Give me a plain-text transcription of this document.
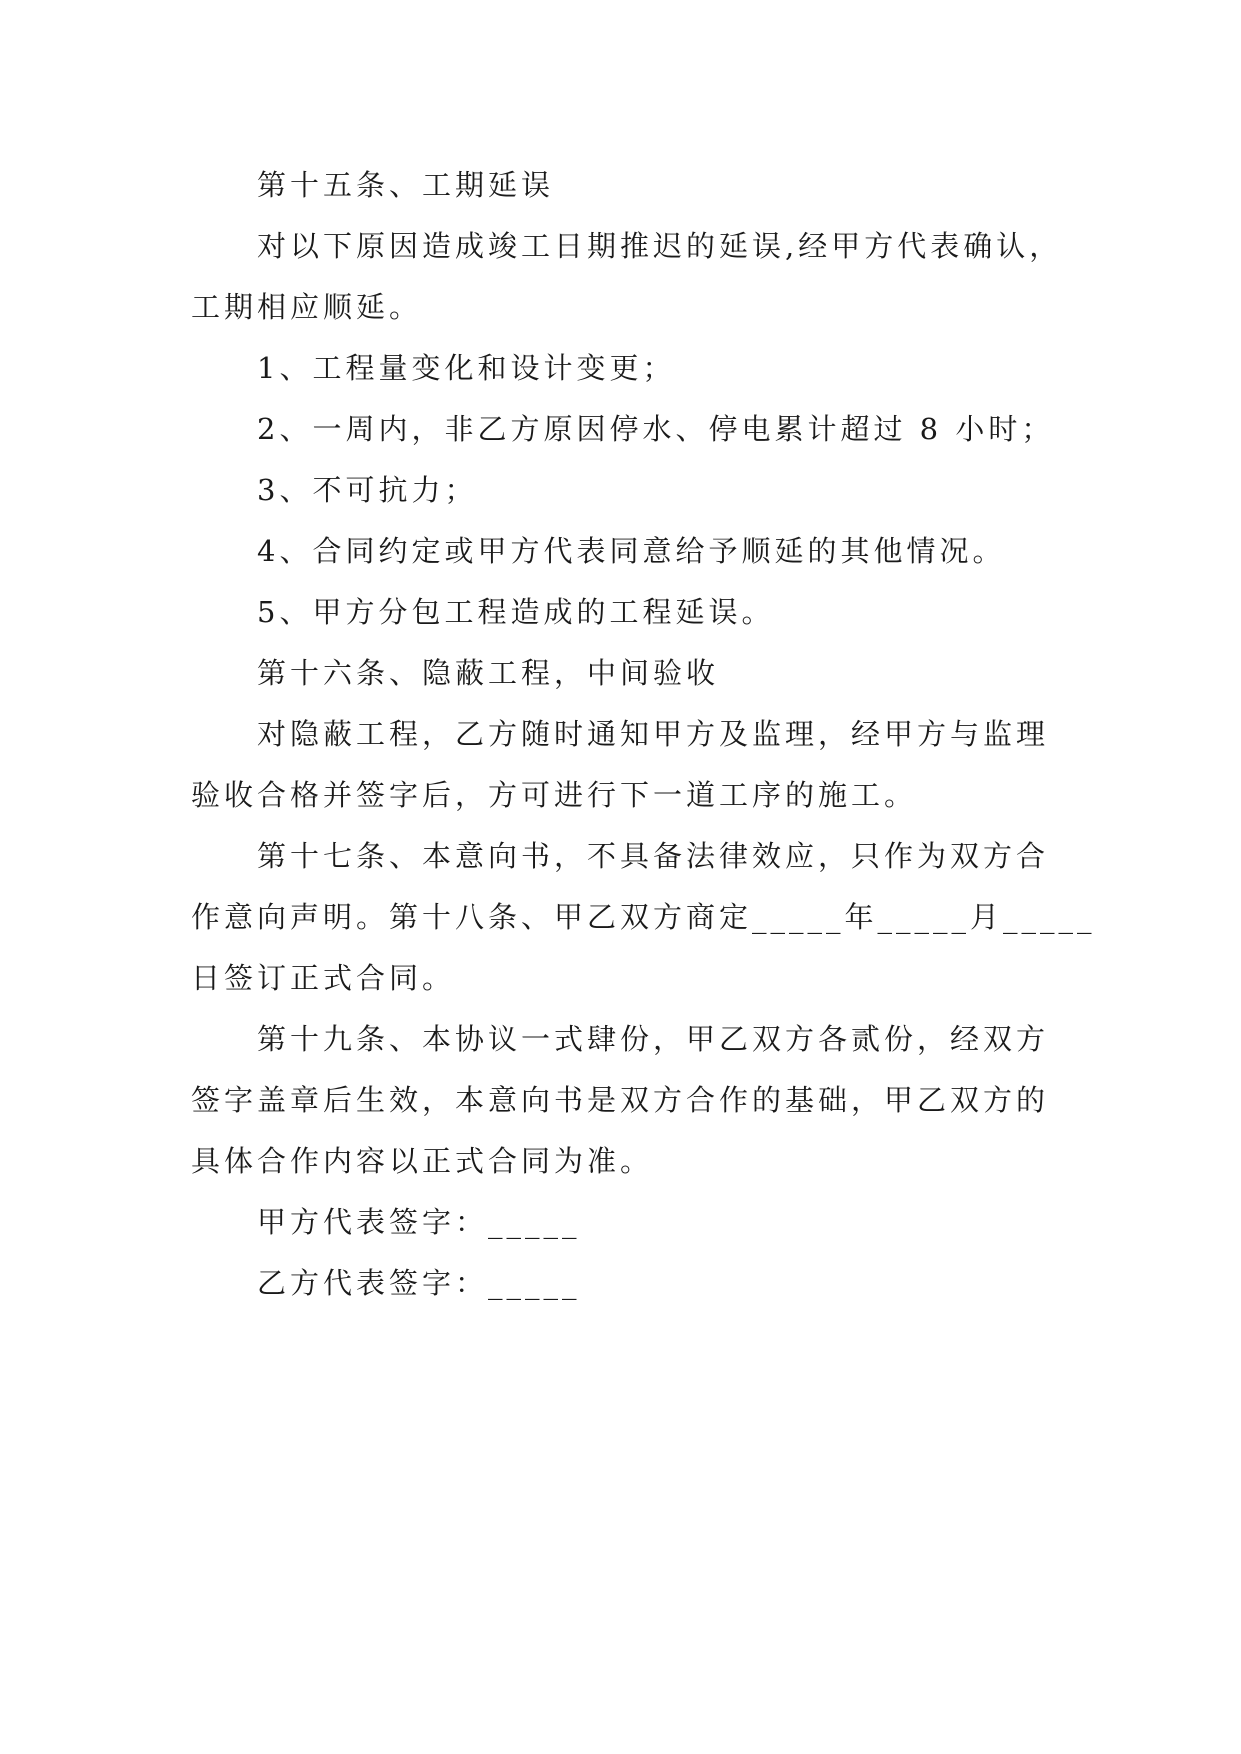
第十五条、工期延误
对以下原因造成竣工日期推迟的延误,经甲方代表确认，
工期相应顺延。
1、工程量变化和设计变更；
2、一周内，非乙方原因停水、停电累计超过 8 小时；
3、不可抗力；
4、合同约定或甲方代表同意给予顺延的其他情况。
5、甲方分包工程造成的工程延误。
第十六条、隐蔽工程，中间验收
对隐蔽工程，乙方随时通知甲方及监理，经甲方与监理
验收合格并签字后，方可进行下一道工序的施工。
第十七条、本意向书，不具备法律效应，只作为双方合
作意向声明。第十八条、甲乙双方商定_____年_____月_____
日签订正式合同。
第十九条、本协议一式肆份，甲乙双方各贰份，经双方
签字盖章后生效，本意向书是双方合作的基础，甲乙双方的
具体合作内容以正式合同为准。
甲方代表签字：_____
乙方代表签字：_____
